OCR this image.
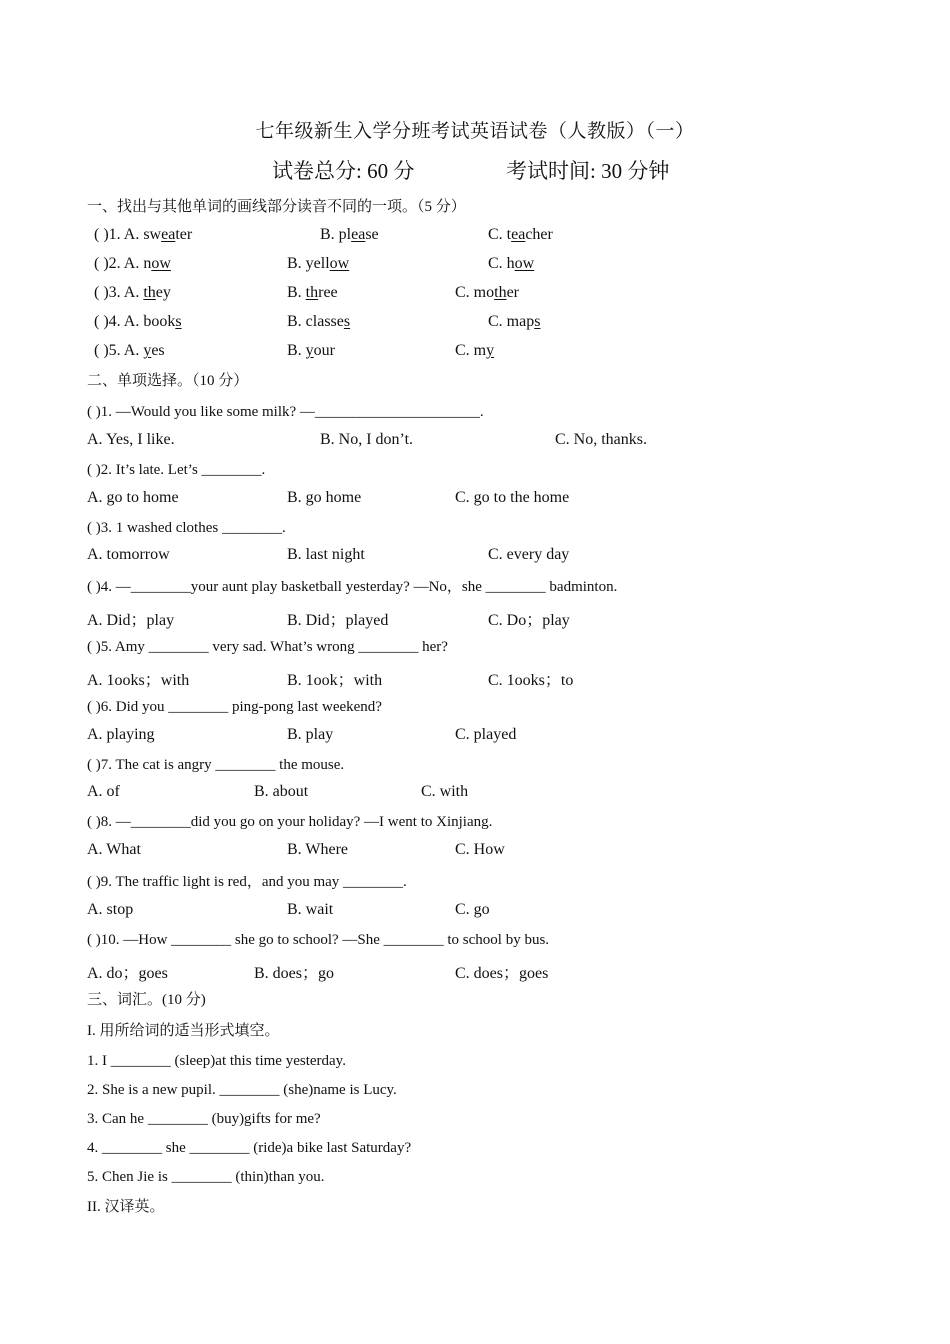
七年级新生入学分班考试英语试卷（人教版）（一）
试卷总分: 60 分	考试时间: 30 分钟
一、找出与其他单词的画线部分读音不同的一项。（5 分）
( )1. A. sweater	B. please	C. teacher
( )2. A. now	B. yellow	C. how
( )3. A. they	B. three	C. mother
( )4. A. books	B. classes	C. maps
( )5. A. yes	B. your	C. my
二、单项选择。（10 分）
( )1. —Would you like some milk? —______________________.
A. Yes, I like.	B. No, I don’t.	C. No, thanks.
( )2. It’s late. Let’s ________.
A. go to home	B. go home	C. go to the home
( )3. 1 washed clothes ________.
A. tomorrow	B. last night	C. every day
( )4. —________your aunt play basketball yesterday? —No，she ________ badminton.
A. Did；play	B. Did；played	C. Do；play
( )5. Amy ________ very sad. What’s wrong ________ her?
A. 1ooks；with	B. 1ook；with	C. 1ooks；to
( )6. Did you ________ ping-pong last weekend?
A. playing	B. play	C. played
( )7. The cat is angry ________ the mouse.
A. of	B. about	C. with
( )8. —________did you go on your holiday? —I went to Xinjiang.
A. What	B. Where	C. How
( )9. The traffic light is red，and you may ________.
A. stop	B. wait	C. go
( )10. —How ________ she go to school? —She ________ to school by bus.
A. do；goes	B. does；go	C. does；goes
三、词汇。(10 分)
I. 用所给词的适当形式填空。
1. I ________ (sleep)at this time yesterday.
2. She is a new pupil. ________ (she)name is Lucy.
3. Can he ________ (buy)gifts for me?
4. ________ she ________ (ride)a bike last Saturday?
5. Chen Jie is ________ (thin)than you.
II. 汉译英。
